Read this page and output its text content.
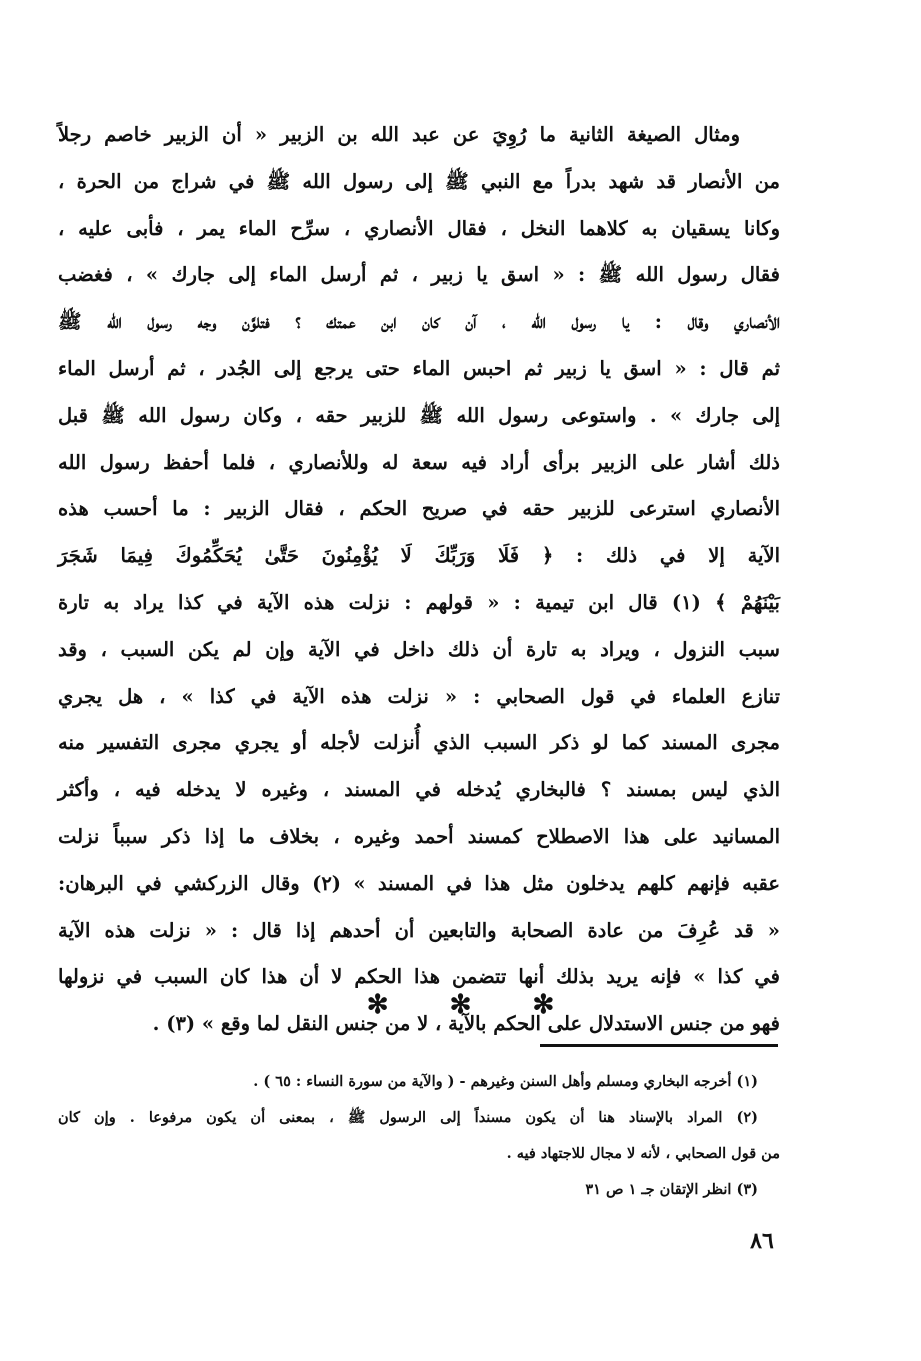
ومثال الصيغة الثانية ما رُوِيَ عن عبد الله بن الزبير « أن الزبير خاصم رجلاً
من الأنصار قد شهد بدراً مع النبي ﷺ إلى رسول الله ﷺ في شراج من الحرة ،
وكانا يسقيان به كلاهما النخل ، فقال الأنصاري ، سرِّح الماء يمر ، فأبى عليه ،
فقال رسول الله ﷺ : « اسق يا زبير ، ثم أرسل الماء إلى جارك » ، فغضب
الأنصاري وقال : يا رسول الله ، آن كان ابن عمتك ؟ فتلوَّن وجه رسول الله ﷺ
ثم قال : « اسق يا زبير ثم احبس الماء حتى يرجع إلى الجُدر ، ثم أرسل الماء
إلى جارك » . واستوعى رسول الله ﷺ للزبير حقه ، وكان رسول الله ﷺ قبل
ذلك أشار على الزبير برأى أراد فيه سعة له وللأنصاري ، فلما أحفظ رسول الله
الأنصاري استرعى للزبير حقه في صريح الحكم ، فقال الزبير : ما أحسب هذه
الآية إلا في ذلك : ﴿ فَلَا وَرَبِّكَ لَا يُؤْمِنُونَ حَتَّىٰ يُحَكِّمُوكَ فِيمَا شَجَرَ
بَيْنَهُمْ ﴾ (١) قال ابن تيمية : « قولهم : نزلت هذه الآية في كذا يراد به تارة
سبب النزول ، ويراد به تارة أن ذلك داخل في الآية وإن لم يكن السبب ، وقد
تنازع العلماء في قول الصحابي : « نزلت هذه الآية في كذا » ، هل يجري
مجرى المسند كما لو ذكر السبب الذي أُنزلت لأجله أو يجري مجرى التفسير منه
الذي ليس بمسند ؟ فالبخاري يُدخله في المسند ، وغيره لا يدخله فيه ، وأكثر
المسانيد على هذا الاصطلاح كمسند أحمد وغيره ، بخلاف ما إذا ذكر سبباً نزلت
عقبه فإنهم كلهم يدخلون مثل هذا في المسند » (٢) وقال الزركشي في البرهان:
« قد عُرِفَ من عادة الصحابة والتابعين أن أحدهم إذا قال : « نزلت هذه الآية
في كذا » فإنه يريد بذلك أنها تتضمن هذا الحكم لا أن هذا كان السبب في نزولها
فهو من جنس الاستدلال على الحكم بالآية ، لا من جنس النقل لما وقع » (٣) .
✻ ✻ ✻
(١) أخرجه البخاري ومسلم وأهل السنن وغيرهم - ( والآية من سورة النساء : ٦٥ ) .
(٢) المراد بالإسناد هنا أن يكون مسنداً إلى الرسول ﷺ ، بمعنى أن يكون مرفوعا . وإن كان
من قول الصحابي ، لأنه لا مجال للاجتهاد فيه .
(٣) انظر الإتقان جـ ١ ص ٣١
٨٦
